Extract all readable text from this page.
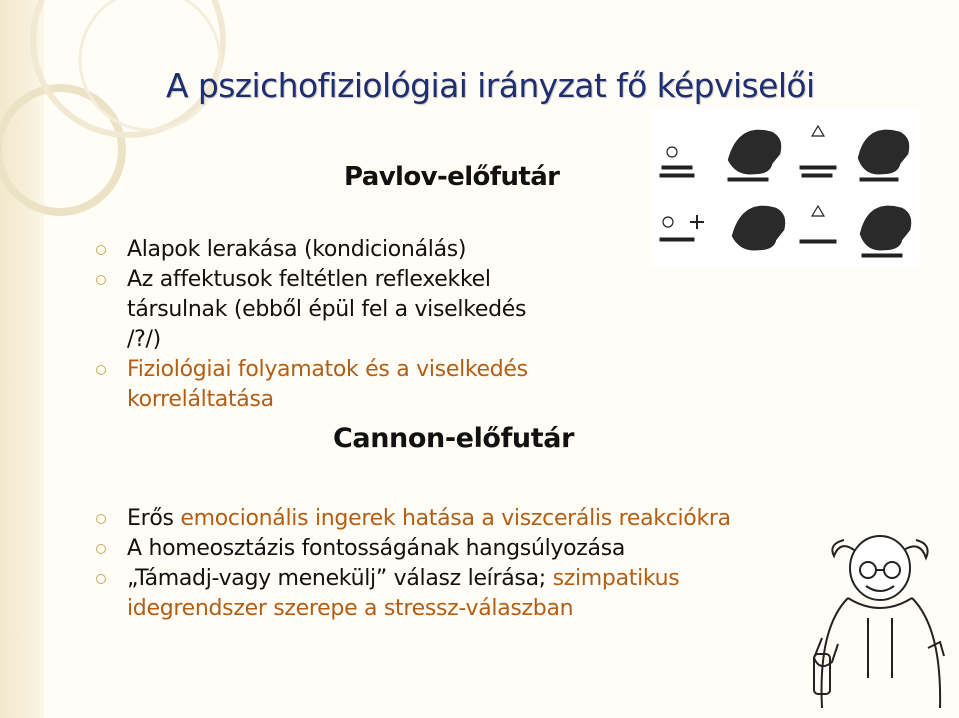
A pszichofiziológiai irányzat fő képviselői
Pavlov-előfutár
Alapok lerakása (kondicionálás)
Az affektusok feltétlen reflexekkel társulnak (ebből épül fel a viselkedés /?/)
Fiziológiai folyamatok és a viselkedés korreláltatása
Cannon-előfutár
Erős emocionális ingerek hatása a viszcerális reakciókra
A homeosztázis fontosságának hangsúlyozása
„Támadj-vagy menekülj” válasz leírása; szimpatikus idegrendszer szerepe a stressz-válaszban
